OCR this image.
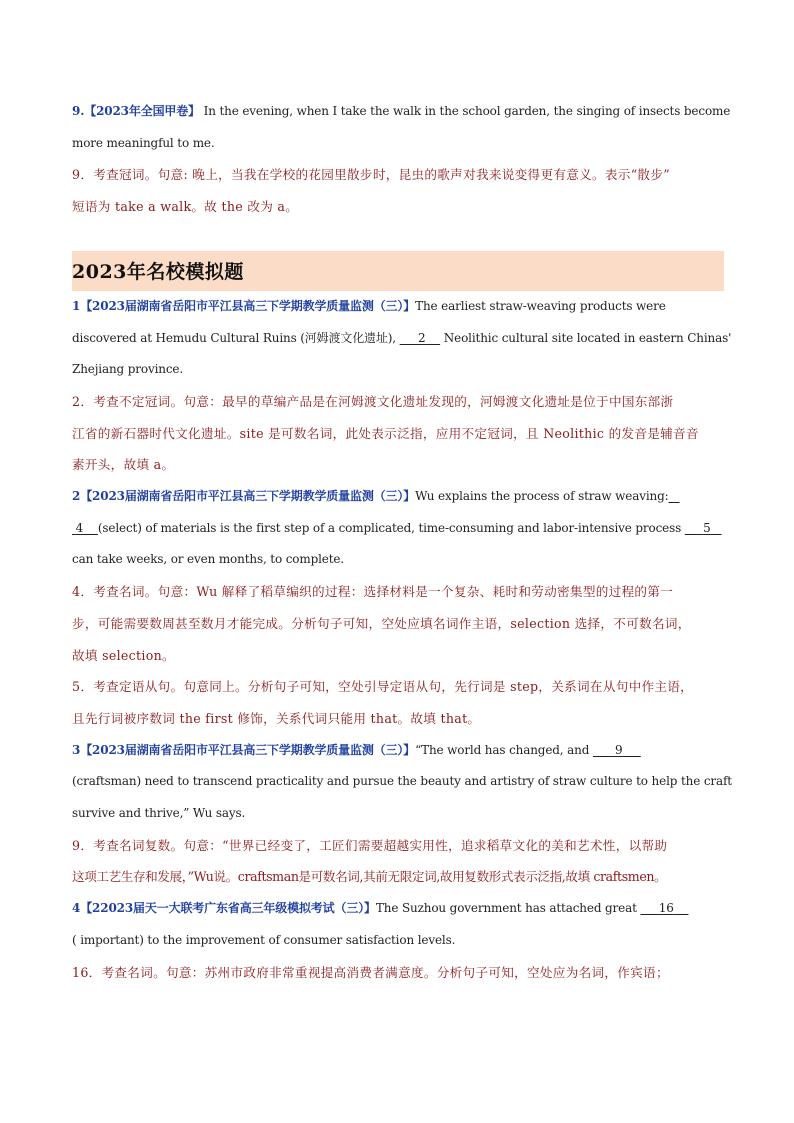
9.【2023年全国甲卷】 In the evening, when I take the walk in the school garden, the singing of insects become
more meaningful to me.
9．考查冠词。句意: 晚上，当我在学校的花园里散步时，昆虫的歌声对我来说变得更有意义。表示“散步”
短语为 take a walk。故 the 改为 a。
2023年名校模拟题
1【2023届湖南省岳阳市平江县高三下学期教学质量监测（三）】The earliest straw-weaving products were
discovered at Hemudu Cultural Ruins (河姆渡文化遗址), 2     Neolithic cultural site located in eastern Chinas'
Zhejiang province.
2．考查不定冠词。句意：最早的草编产品是在河姆渡文化遗址发现的，河姆渡文化遗址是位于中国东部浙
江省的新石器时代文化遗址。site 是可数名词，此处表示泛指，应用不定冠词，且 Neolithic 的发音是辅音音
素开头，故填 a。
2【2023届湖南省岳阳市平江县高三下学期教学质量监测（三）】Wu explains the process of straw weaving:
4 (select) of materials is the first step of a complicated, time-consuming and labor-intensive process 5
can take weeks, or even months, to complete.
4．考查名词。句意：Wu 解释了稻草编织的过程：选择材料是一个复杂、耗时和劳动密集型的过程的第一
步，可能需要数周甚至数月才能完成。分析句子可知，空处应填名词作主语，selection 选择，不可数名词，
故填 selection。
5．考查定语从句。句意同上。分析句子可知，空处引导定语从句，先行词是 step，关系词在从句中作主语，
且先行词被序数词 the first 修饰，关系代词只能用 that。故填 that。
3【2023届湖南省岳阳市平江县高三下学期教学质量监测（三）】“The world has changed, and 9
(craftsman) need to transcend practicality and pursue the beauty and artistry of straw culture to help the craft
survive and thrive,” Wu says.
9．考查名词复数。句意：“世界已经变了，工匠们需要超越实用性，追求稻草文化的美和艺术性，以帮助
这项工艺生存和发展，”Wu说。craftsman是可数名词,其前无限定词,故用复数形式表示泛指,故填 craftsmen。
4【22023届天一大联考广东省高三年级模拟考试（三）】The Suzhou government has attached great 16
( important) to the improvement of consumer satisfaction levels.
16．考查名词。句意：苏州市政府非常重视提高消费者满意度。分析句子可知，空处应为名词，作宾语；
